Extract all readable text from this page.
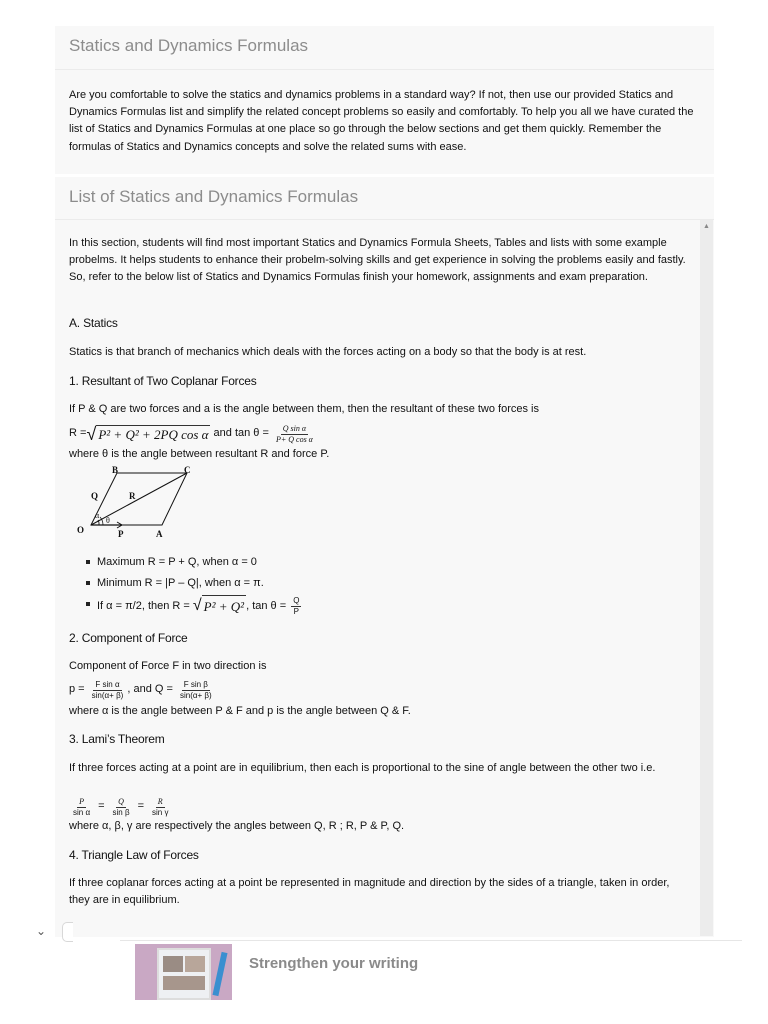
Statics and Dynamics Formulas
Are you comfortable to solve the statics and dynamics problems in a standard way? If not, then use our provided Statics and Dynamics Formulas list and simplify the related concept problems so easily and comfortably. To help you all we have curated the list of Statics and Dynamics Formulas at one place so go through the below sections and get them quickly. Remember the formulas of Statics and Dynamics concepts and solve the related sums with ease.
List of Statics and Dynamics Formulas
▲
In this section, students will find most important Statics and Dynamics Formula Sheets, Tables and lists with some example probelms. It helps students to enhance their probelm-solving skills and get experience in solving the problems easily and fastly. So, refer to the below list of Statics and Dynamics Formulas finish your homework, assignments and exam preparation.
A. Statics
Statics is that branch of mechanics which deals with the forces acting on a body so that the body is at rest.
1. Resultant of Two Coplanar Forces
If P & Q are two forces and a is the angle between them, then the resultant of these two forces is
R = √ P² + Q² + 2PQ cos α and $\tan \theta = \frac{\text{Q sin α}}{\text{P+ Q cos α}}$
where θ is the angle between resultant R and force P.
B	C
Q	R
α
θ
O	P	A
Maximum R = P + Q, when α = 0
Minimum R = |P – Q|, when α = π.
If α = π/2, then R = √ P² + Q² , $\tan \theta = \frac{Q}{P}$
2. Component of Force
Component of Force F in two direction is
$p = \frac{\text{F sin α}}{\sin(\alpha+ \beta)}$ , and $Q = \frac{\text{F sin β}}{\sin(\alpha+ \beta)}$
where α is the angle between P & F and p is the angle between Q & F.
3. Lami’s Theorem
If three forces acting at a point are in equilibrium, then each is proportional to the sine of angle between the other two i.e.
$\frac{P}{\text{sin α}} = \frac{Q}{\text{sin β}} = \frac{R}{\text{sin γ}}$
where α, β, γ are respectively the angles between Q, R ; R, P & P, Q.
4. Triangle Law of Forces
If three coplanar forces acting at a point be represented in magnitude and direction by the sides of a triangle, taken in order, they are in equilibrium.
⌄
Strengthen your writing
